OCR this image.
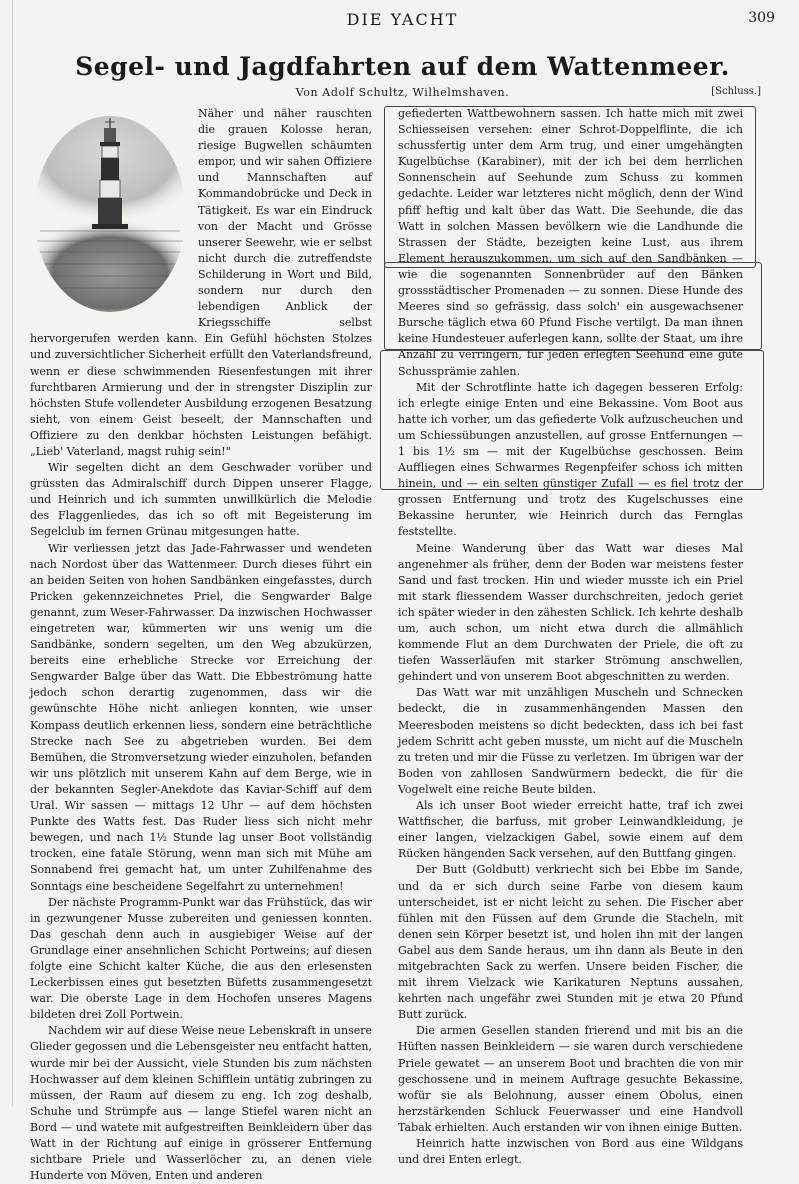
DIE YACHT	309
Segel- und Jagdfahrten auf dem Wattenmeer.
Von Adolf Schultz, Wilhelmshaven.	[Schluss.]

Näher und näher rauschten die grauen Kolosse heran, riesige Bugwellen schäumten empor, und wir sahen Offiziere und Mannschaften auf Kommandobrücke und Deck in Tätigkeit. Es war ein Eindruck von der Macht und Grösse unserer Seewehr, wie er selbst nicht durch die zutreffendste Schilderung in Wort und Bild, sondern nur durch den lebendigen Anblick der Kriegsschiffe selbst hervorgerufen werden kann. Ein Gefühl höchsten Stolzes und zuversichtlicher Sicherheit erfüllt den Vaterlandsfreund, wenn er diese schwimmenden Riesenfestungen mit ihrer furchtbaren Armierung und der in strengster Disziplin zur höchsten Stufe vollendeter Ausbildung erzogenen Besatzung sieht, von einem Geist beseelt, der Mannschaften und Offiziere zu den denkbar höchsten Leistungen befähigt. „Lieb' Vaterland, magst ruhig sein!"

Wir segelten dicht an dem Geschwader vorüber und grüssten das Admiralschiff durch Dippen unserer Flagge, und Heinrich und ich summten unwillkürlich die Melodie des Flaggenliedes, das ich so oft mit Begeisterung im Segelclub im fernen Grünau mitgesungen hatte.

Wir verliessen jetzt das Jade-Fahrwasser und wendeten nach Nordost über das Wattenmeer. Durch dieses führt ein an beiden Seiten von hohen Sandbänken eingefasstes, durch Pricken gekennzeichnetes Priel, die Sengwarder Balge genannt, zum Weser-Fahrwasser. Da inzwischen Hochwasser eingetreten war, kümmerten wir uns wenig um die Sandbänke, sondern segelten, um den Weg abzukürzen, bereits eine erhebliche Strecke vor Erreichung der Sengwarder Balge über das Watt. Die Ebbeströmung hatte jedoch schon derartig zugenommen, dass wir die gewünschte Höhe nicht anliegen konnten, wie unser Kompass deutlich erkennen liess, sondern eine beträchtliche Strecke nach See zu abgetrieben wurden. Bei dem Bemühen, die Stromversetzung wieder einzuholen, befanden wir uns plötzlich mit unserem Kahn auf dem Berge, wie in der bekannten Segler-Anekdote das Kaviar-Schiff auf dem Ural. Wir sassen — mittags 12 Uhr — auf dem höchsten Punkte des Watts fest. Das Ruder liess sich nicht mehr bewegen, und nach 1½ Stunde lag unser Boot vollständig trocken, eine fatale Störung, wenn man sich mit Mühe am Sonnabend frei gemacht hat, um unter Zuhilfenahme des Sonntags eine bescheidene Segelfahrt zu unternehmen!

Der nächste Programm-Punkt war das Frühstück, das wir in gezwungener Musse zubereiten und geniessen konnten. Das geschah denn auch in ausgiebiger Weise auf der Grundlage einer ansehnlichen Schicht Portweins; auf diesen folgte eine Schicht kalter Küche, die aus den erlesensten Leckerbissen eines gut besetzten Büfetts zusammengesetzt war. Die oberste Lage in dem Hochofen unseres Magens bildeten drei Zoll Portwein.

Nachdem wir auf diese Weise neue Lebenskraft in unsere Glieder gegossen und die Lebensgeister neu entfacht hatten, wurde mir bei der Aussicht, viele Stunden bis zum nächsten Hochwasser auf dem kleinen Schifflein untätig zubringen zu müssen, der Raum auf diesem zu eng. Ich zog deshalb, Schuhe und Strümpfe aus — lange Stiefel waren nicht an Bord — und watete mit aufgestreiften Beinkleidern über das Watt in der Richtung auf einige in grösserer Entfernung sichtbare Priele und Wasserlöcher zu, an denen viele Hunderte von Möven, Enten und anderen

gefiederten Wattbewohnern sassen. Ich hatte mich mit zwei Schiesseisen versehen: einer Schrot-Doppelflinte, die ich schussfertig unter dem Arm trug, und einer umgehängten Kugelbüchse (Karabiner), mit der ich bei dem herrlichen Sonnenschein auf Seehunde zum Schuss zu kommen gedachte. Leider war letzteres nicht möglich, denn der Wind pfiff heftig und kalt über das Watt. Die Seehunde, die das Watt in solchen Massen bevölkern wie die Landhunde die Strassen der Städte, bezeigten keine Lust, aus ihrem Element herauszukommen, um sich auf den Sandbänken — wie die sogenannten Sonnenbrüder auf den Bänken grossstädtischer Promenaden — zu sonnen. Diese Hunde des Meeres sind so gefrässig, dass solch' ein ausgewachsener Bursche täglich etwa 60 Pfund Fische vertilgt. Da man ihnen keine Hundesteuer auferlegen kann, sollte der Staat, um ihre Anzahl zu verringern, für jeden erlegten Seehund eine gute Schussprämie zahlen.

Mit der Schrotflinte hatte ich dagegen besseren Erfolg: ich erlegte einige Enten und eine Bekassine. Vom Boot aus hatte ich vorher, um das gefiederte Volk aufzuscheuchen und um Schiessübungen anzustellen, auf grosse Entfernungen — 1 bis 1½ sm — mit der Kugelbüchse geschossen. Beim Auffliegen eines Schwarmes Regenpfeifer schoss ich mitten hinein, und — ein selten günstiger Zufall — es fiel trotz der grossen Entfernung und trotz des Kugelschusses eine Bekassine herunter, wie Heinrich durch das Fernglas feststellte.

Meine Wanderung über das Watt war dieses Mal angenehmer als früher, denn der Boden war meistens fester Sand und fast trocken. Hin und wieder musste ich ein Priel mit stark fliessendem Wasser durchschreiten, jedoch geriet ich später wieder in den zähesten Schlick. Ich kehrte deshalb um, auch schon, um nicht etwa durch die allmählich kommende Flut an dem Durchwaten der Priele, die oft zu tiefen Wasserläufen mit starker Strömung anschwellen, gehindert und von unserem Boot abgeschnitten zu werden.

Das Watt war mit unzähligen Muscheln und Schnecken bedeckt, die in zusammenhängenden Massen den Meeresboden meistens so dicht bedeckten, dass ich bei fast jedem Schritt acht geben musste, um nicht auf die Muscheln zu treten und mir die Füsse zu verletzen. Im übrigen war der Boden von zahllosen Sandwürmern bedeckt, die für die Vogelwelt eine reiche Beute bilden.

Als ich unser Boot wieder erreicht hatte, traf ich zwei Wattfischer, die barfuss, mit grober Leinwandkleidung, je einer langen, vielzackigen Gabel, sowie einem auf dem Rücken hängenden Sack versehen, auf den Buttfang gingen.

Der Butt (Goldbutt) verkriecht sich bei Ebbe im Sande, und da er sich durch seine Farbe von diesem kaum unterscheidet, ist er nicht leicht zu sehen. Die Fischer aber fühlen mit den Füssen auf dem Grunde die Stacheln, mit denen sein Körper besetzt ist, und holen ihn mit der langen Gabel aus dem Sande heraus, um ihn dann als Beute in den mitgebrachten Sack zu werfen. Unsere beiden Fischer, die mit ihrem Vielzack wie Karikaturen Neptuns aussahen, kehrten nach ungefähr zwei Stunden mit je etwa 20 Pfund Butt zurück.

Die armen Gesellen standen frierend und mit bis an die Hüften nassen Beinkleidern — sie waren durch verschiedene Priele gewatet — an unserem Boot und brachten die von mir geschossene und in meinem Auftrage gesuchte Bekassine, wofür sie als Belohnung, ausser einem Obolus, einen herzstärkenden Schluck Feuerwasser und eine Handvoll Tabak erhielten. Auch erstanden wir von ihnen einige Butten.

Heinrich hatte inzwischen von Bord aus eine Wildgans und drei Enten erlegt.
